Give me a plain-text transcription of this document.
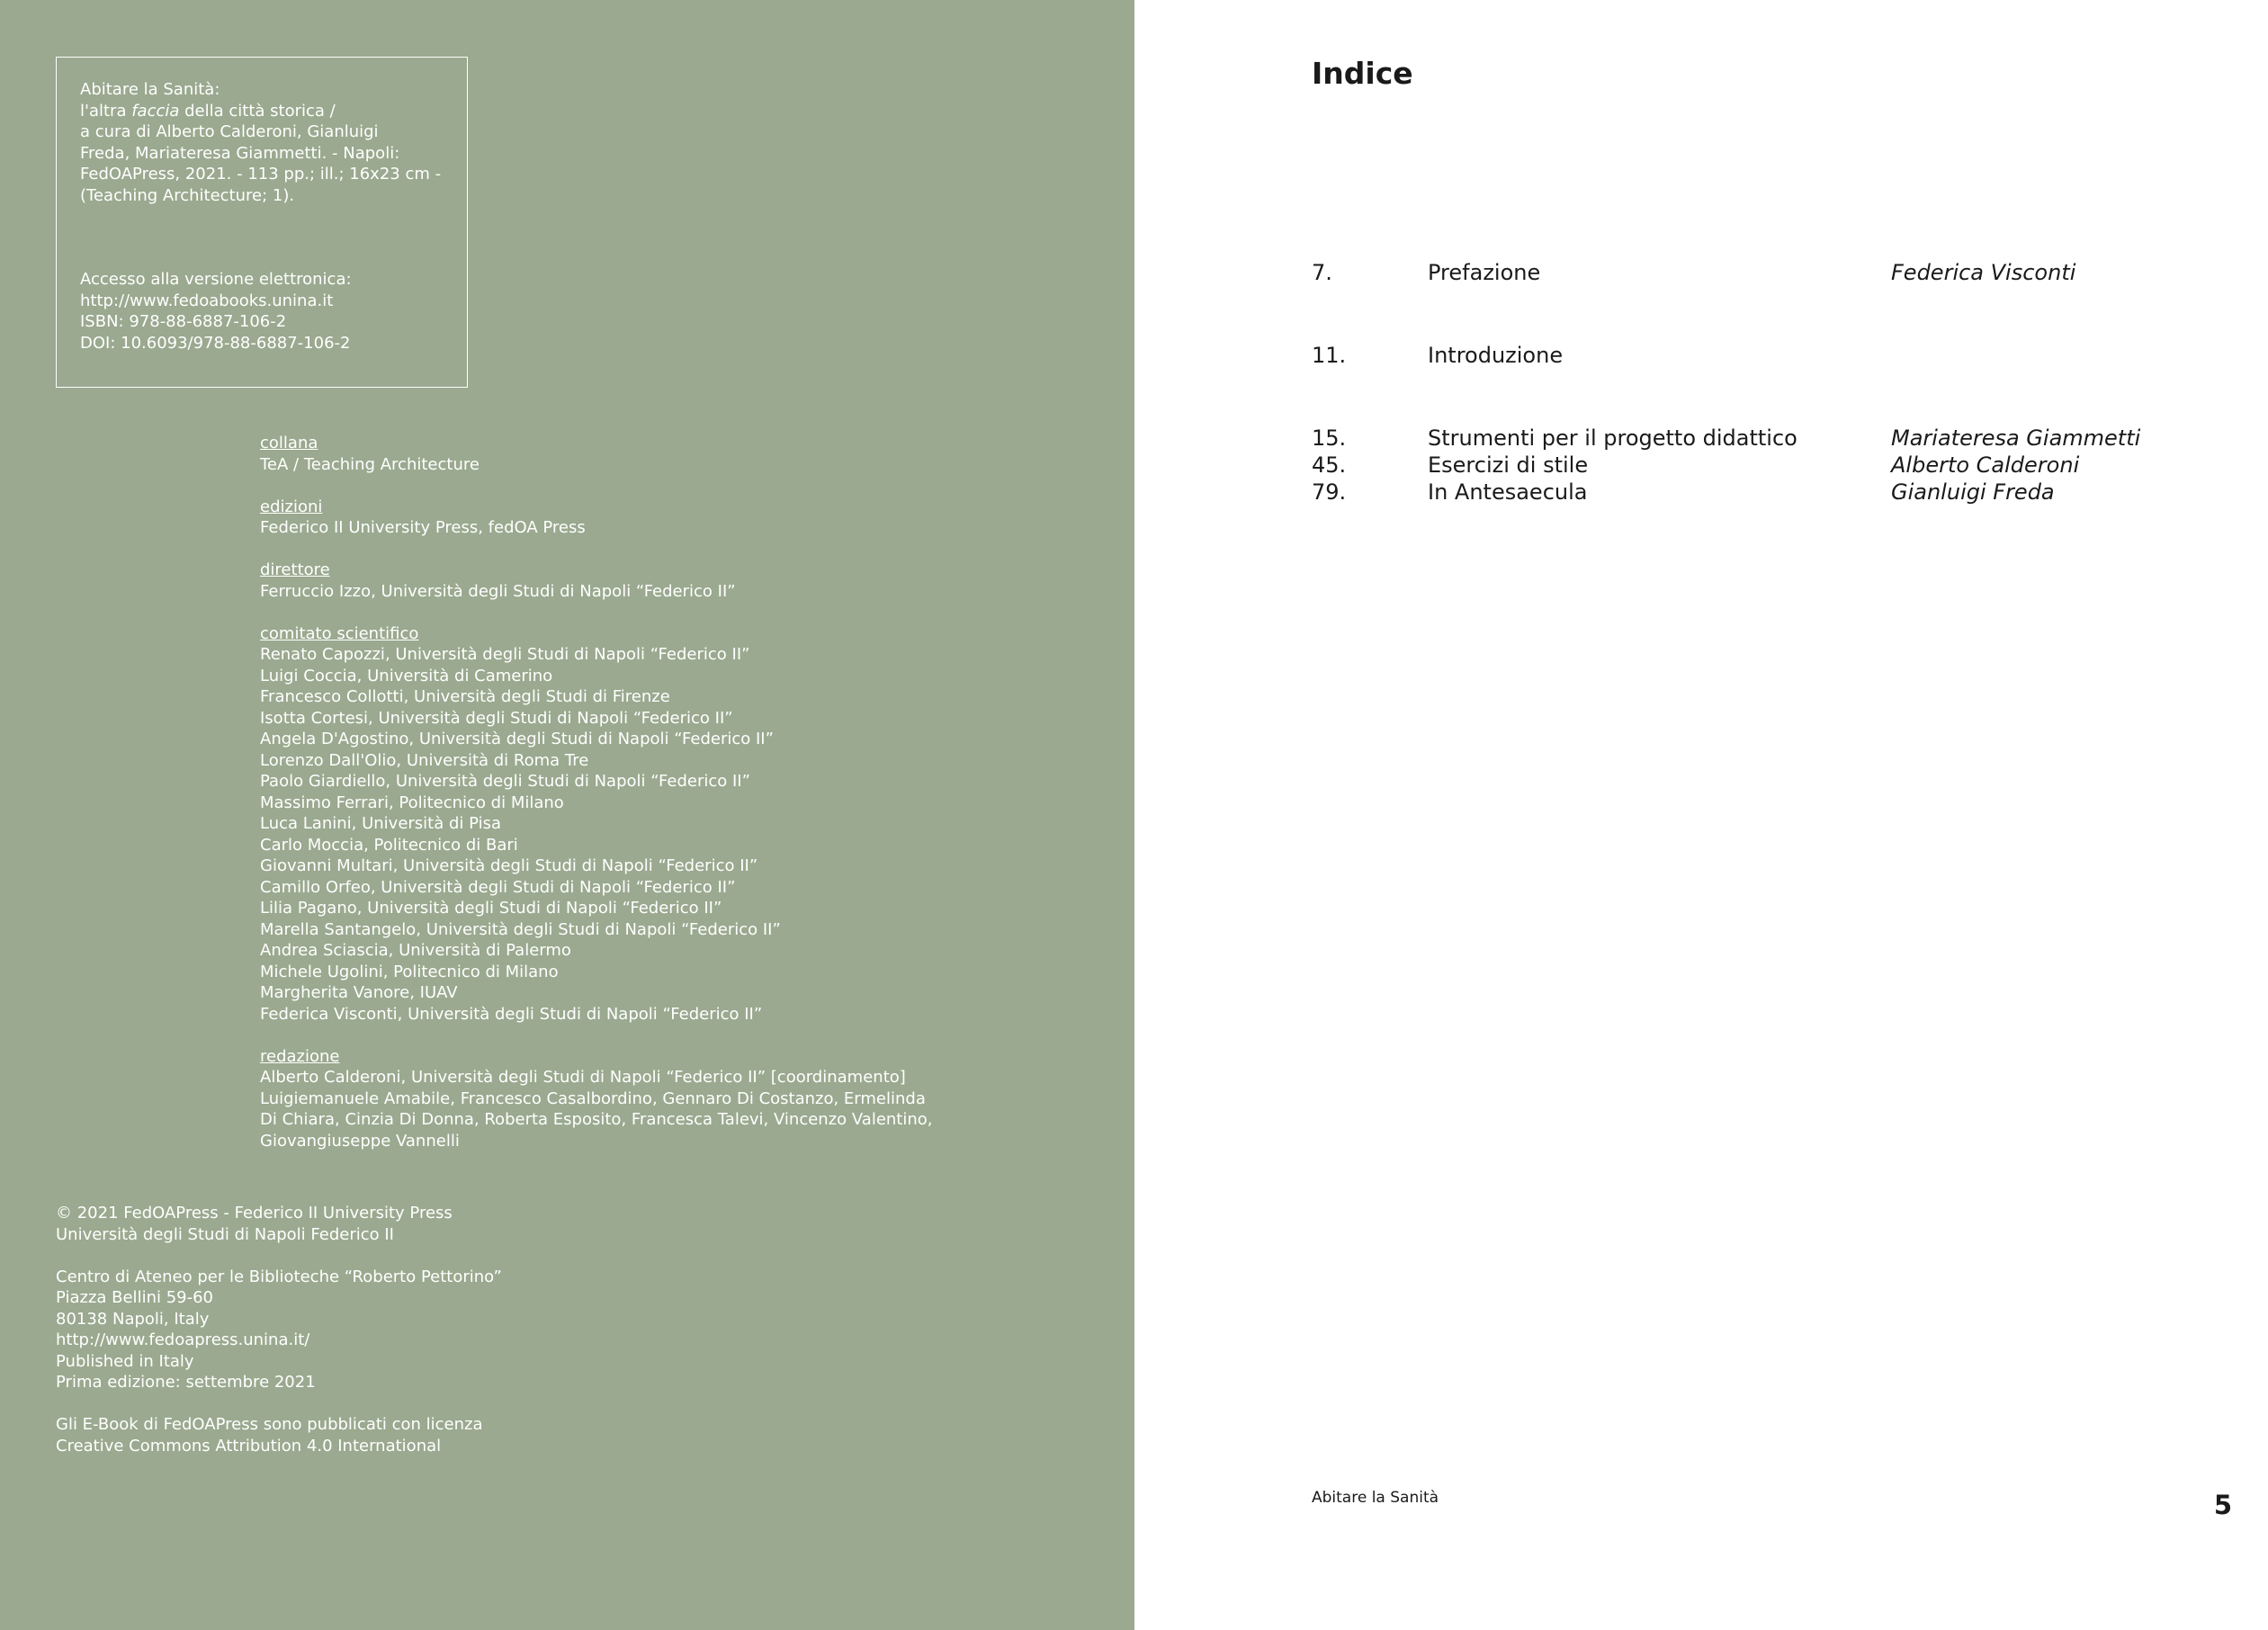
Abitare la Sanità:
l'altra faccia della città storica /
a cura di Alberto Calderoni, Gianluigi
Freda, Mariateresa Giammetti. - Napoli:
FedOAPress, 2021. - 113 pp.; ill.; 16x23 cm -
(Teaching Architecture; 1).
Accesso alla versione elettronica:
http://www.fedoabooks.unina.it
ISBN: 978-88-6887-106-2
DOI: 10.6093/978-88-6887-106-2
collana
TeA / Teaching Architecture
edizioni
Federico II University Press, fedOA Press
direttore
Ferruccio Izzo, Università degli Studi di Napoli “Federico II”
comitato scientifico
Renato Capozzi, Università degli Studi di Napoli “Federico II”
Luigi Coccia, Università di Camerino
Francesco Collotti, Università degli Studi di Firenze
Isotta Cortesi, Università degli Studi di Napoli “Federico II”
Angela D'Agostino, Università degli Studi di Napoli “Federico II”
Lorenzo Dall'Olio, Università di Roma Tre
Paolo Giardiello, Università degli Studi di Napoli “Federico II”
Massimo Ferrari, Politecnico di Milano
Luca Lanini, Università di Pisa
Carlo Moccia, Politecnico di Bari
Giovanni Multari, Università degli Studi di Napoli “Federico II”
Camillo Orfeo, Università degli Studi di Napoli “Federico II”
Lilia Pagano, Università degli Studi di Napoli “Federico II”
Marella Santangelo, Università degli Studi di Napoli “Federico II”
Andrea Sciascia, Università di Palermo
Michele Ugolini, Politecnico di Milano
Margherita Vanore, IUAV
Federica Visconti, Università degli Studi di Napoli “Federico II”
redazione
Alberto Calderoni, Università degli Studi di Napoli “Federico II” [coordinamento]
Luigiemanuele Amabile, Francesco Casalbordino, Gennaro Di Costanzo, Ermelinda
Di Chiara, Cinzia Di Donna, Roberta Esposito, Francesca Talevi, Vincenzo Valentino,
Giovangiuseppe Vannelli
© 2021 FedOAPress - Federico II University Press
Università degli Studi di Napoli Federico II
Centro di Ateneo per le Biblioteche “Roberto Pettorino”
Piazza Bellini 59-60
80138 Napoli, Italy
http://www.fedoapress.unina.it/
Published in Italy
Prima edizione: settembre 2021
Gli E-Book di FedOAPress sono pubblicati con licenza
Creative Commons Attribution 4.0 International
Indice
7.	Prefazione	Federica Visconti
11.	Introduzione
15.	Strumenti per il progetto didattico	Mariateresa Giammetti
45.	Esercizi di stile	Alberto Calderoni
79.	In Antesaecula	Gianluigi Freda
Abitare la Sanità	5
